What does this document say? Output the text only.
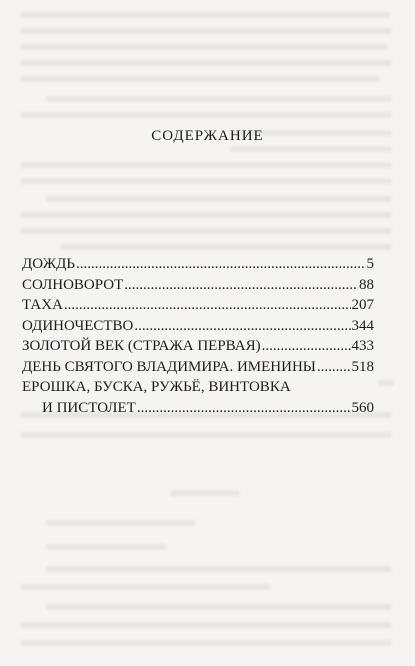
СОДЕРЖАНИЕ
ДОЖДЬ .....	5
СОЛНОВОРОТ .....	88
ТАХА .....	207
ОДИНОЧЕСТВО .....	344
ЗОЛОТОЙ ВЕК (СТРАЖА ПЕРВАЯ) .....	433
ДЕНЬ СВЯТОГО ВЛАДИМИРА. ИМЕНИНЫ ..... 518
ЕРОШКА, БУСКА, РУЖЬЁ, ВИНТОВКА
И ПИСТОЛЕТ .....	560
